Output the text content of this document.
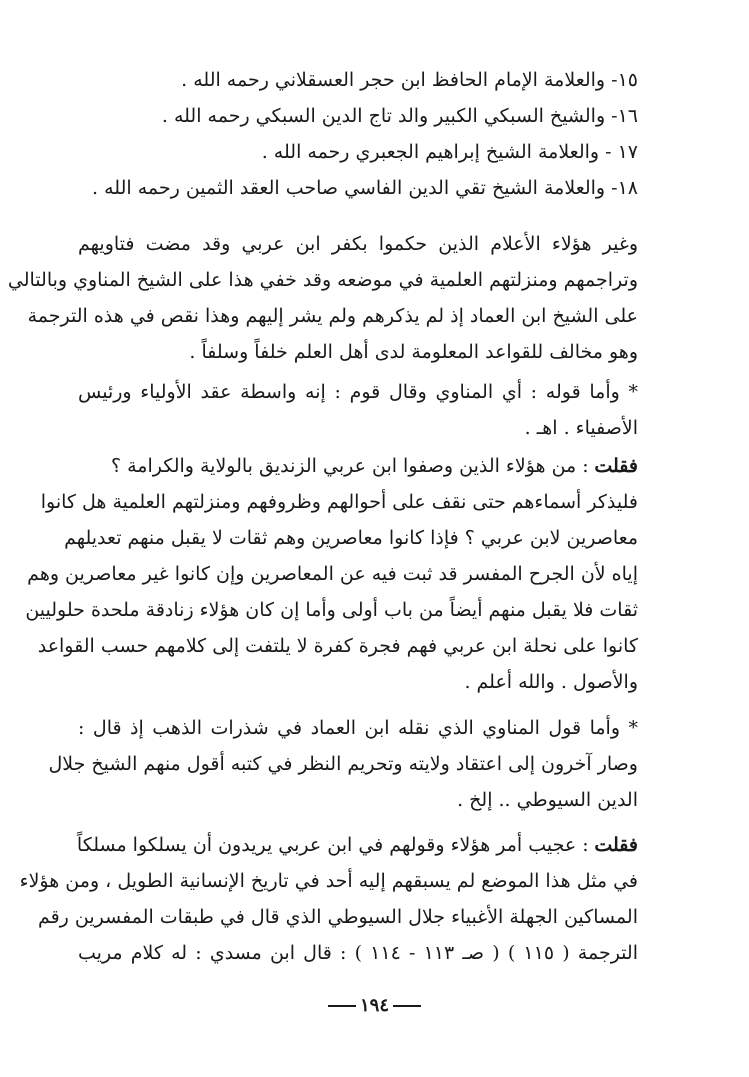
١٥- والعلامة الإمام الحافظ ابن حجر العسقلاني رحمه الله .
١٦- والشيخ السبكي الكبير والد تاج الدين السبكي رحمه الله .
١٧ - والعلامة الشيخ إبراهيم الجعبري رحمه الله .
١٨- والعلامة الشيخ تقي الدين الفاسي صاحب العقد الثمين رحمه الله .
وغير هؤلاء الأعلام الذين حكموا بكفر ابن عربي وقد مضت فتاويهم
وتراجمهم ومنزلتهم العلمية في موضعه وقد خفي هذا على الشيخ المناوي وبالتالي
على الشيخ ابن العماد إذ لم يذكرهم ولم يشر إليهم وهذا نقص في هذه الترجمة
وهو مخالف للقواعد المعلومة لدى أهل العلم خلفاً وسلفاً .
* وأما قوله : أي المناوي وقال قوم : إنه واسطة عقد الأولياء ورئيس
الأصفياء . اهـ .
فقلت: من هؤلاء الذين وصفوا ابن عربي الزنديق بالولاية والكرامة ؟
فليذكر أسماءهم حتى نقف على أحوالهم وظروفهم ومنزلتهم العلمية هل كانوا
معاصرين لابن عربي ؟ فإذا كانوا معاصرين وهم ثقات لا يقبل منهم تعديلهم
إياه لأن الجرح المفسر قد ثبت فيه عن المعاصرين وإن كانوا غير معاصرين وهم
ثقات فلا يقبل منهم أيضاً من باب أولى وأما إن كان هؤلاء زنادقة ملحدة حلوليين
كانوا على نحلة ابن عربي فهم فجرة كفرة لا يلتفت إلى كلامهم حسب القواعد
والأصول . والله أعلم .
* وأما قول المناوي الذي نقله ابن العماد في شذرات الذهب إذ قال :
وصار آخرون إلى اعتقاد ولايته وتحريم النظر في كتبه أقول منهم الشيخ جلال
الدين السيوطي .. إلخ .
فقلت: عجيب أمر هؤلاء وقولهم في ابن عربي يريدون أن يسلكوا مسلكاً
في مثل هذا الموضع لم يسبقهم إليه أحد في تاريخ الإنسانية الطويل ، ومن هؤلاء
المساكين الجهلة الأغبياء جلال السيوطي الذي قال في طبقات المفسرين رقم
الترجمة ( ١١٥ ) ( صـ ١١٣ - ١١٤ ) : قال ابن مسدي : له كلام مريب
١٩٤
